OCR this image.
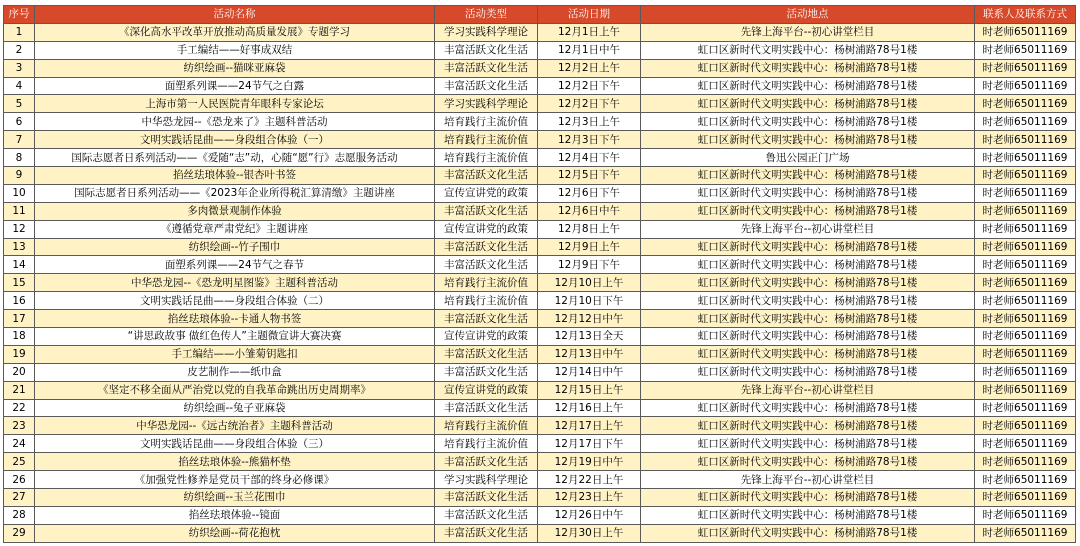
序号	活动名称	活动类型	活动日期	活动地点	联系人及联系方式
1	《深化高水平改革开放推动高质量发展》专题学习	学习实践科学理论	12月1日上午	先锋上海平台--初心讲堂栏目	时老师65011169
2	手工编结——好事成双结	丰富活跃文化生活	12月1日中午	虹口区新时代文明实践中心：杨树浦路78号1楼	时老师65011169
3	纺织绘画--猫咪亚麻袋	丰富活跃文化生活	12月2日上午	虹口区新时代文明实践中心：杨树浦路78号1楼	时老师65011169
4	面塑系列课——24节气之白露	丰富活跃文化生活	12月2日下午	虹口区新时代文明实践中心：杨树浦路78号1楼	时老师65011169
5	上海市第一人民医院青年眼科专家论坛	学习实践科学理论	12月2日下午	虹口区新时代文明实践中心：杨树浦路78号1楼	时老师65011169
6	中华恐龙园--《恐龙来了》主题科普活动	培育践行主流价值	12月3日上午	虹口区新时代文明实践中心：杨树浦路78号1楼	时老师65011169
7	文明实践话昆曲——身段组合体验（一）	培育践行主流价值	12月3日下午	虹口区新时代文明实践中心：杨树浦路78号1楼	时老师65011169
8	国际志愿者日系列活动——《爱随“志”动，心随“愿”行》志愿服务活动	培育践行主流价值	12月4日下午	鲁迅公园正门广场	时老师65011169
9	掐丝珐琅体验--银杏叶书签	丰富活跃文化生活	12月5日下午	虹口区新时代文明实践中心：杨树浦路78号1楼	时老师65011169
10	国际志愿者日系列活动——《2023年企业所得税汇算清缴》主题讲座	宣传宣讲党的政策	12月6日下午	虹口区新时代文明实践中心：杨树浦路78号1楼	时老师65011169
11	多肉微景观制作体验	丰富活跃文化生活	12月6日中午	虹口区新时代文明实践中心：杨树浦路78号1楼	时老师65011169
12	《遵循党章严肃党纪》主题讲座	宣传宣讲党的政策	12月8日上午	先锋上海平台--初心讲堂栏目	时老师65011169
13	纺织绘画--竹子围巾	丰富活跃文化生活	12月9日上午	虹口区新时代文明实践中心：杨树浦路78号1楼	时老师65011169
14	面塑系列课——24节气之春节	丰富活跃文化生活	12月9日下午	虹口区新时代文明实践中心：杨树浦路78号1楼	时老师65011169
15	中华恐龙园--《恐龙明星图鉴》主题科普活动	培育践行主流价值	12月10日上午	虹口区新时代文明实践中心：杨树浦路78号1楼	时老师65011169
16	文明实践话昆曲——身段组合体验（二）	培育践行主流价值	12月10日下午	虹口区新时代文明实践中心：杨树浦路78号1楼	时老师65011169
17	掐丝珐琅体验--卡通人物书签	丰富活跃文化生活	12月12日中午	虹口区新时代文明实践中心：杨树浦路78号1楼	时老师65011169
18	“讲思政故事 做红色传人”主题微宣讲大赛决赛	宣传宣讲党的政策	12月13日全天	虹口区新时代文明实践中心：杨树浦路78号1楼	时老师65011169
19	手工编结——小雏菊钥匙扣	丰富活跃文化生活	12月13日中午	虹口区新时代文明实践中心：杨树浦路78号1楼	时老师65011169
20	皮艺制作——纸巾盒	丰富活跃文化生活	12月14日中午	虹口区新时代文明实践中心：杨树浦路78号1楼	时老师65011169
21	《坚定不移全面从严治党以党的自我革命跳出历史周期率》	宣传宣讲党的政策	12月15日上午	先锋上海平台--初心讲堂栏目	时老师65011169
22	纺织绘画--兔子亚麻袋	丰富活跃文化生活	12月16日上午	虹口区新时代文明实践中心：杨树浦路78号1楼	时老师65011169
23	中华恐龙园--《远古统治者》主题科普活动	培育践行主流价值	12月17日上午	虹口区新时代文明实践中心：杨树浦路78号1楼	时老师65011169
24	文明实践话昆曲——身段组合体验（三）	培育践行主流价值	12月17日下午	虹口区新时代文明实践中心：杨树浦路78号1楼	时老师65011169
25	掐丝珐琅体验--熊猫杯垫	丰富活跃文化生活	12月19日中午	虹口区新时代文明实践中心：杨树浦路78号1楼	时老师65011169
26	《加强党性修养是党员干部的终身必修课》	学习实践科学理论	12月22日上午	先锋上海平台--初心讲堂栏目	时老师65011169
27	纺织绘画--玉兰花围巾	丰富活跃文化生活	12月23日上午	虹口区新时代文明实践中心：杨树浦路78号1楼	时老师65011169
28	掐丝珐琅体验--镜面	丰富活跃文化生活	12月26日中午	虹口区新时代文明实践中心：杨树浦路78号1楼	时老师65011169
29	纺织绘画--荷花抱枕	丰富活跃文化生活	12月30日上午	虹口区新时代文明实践中心：杨树浦路78号1楼	时老师65011169
